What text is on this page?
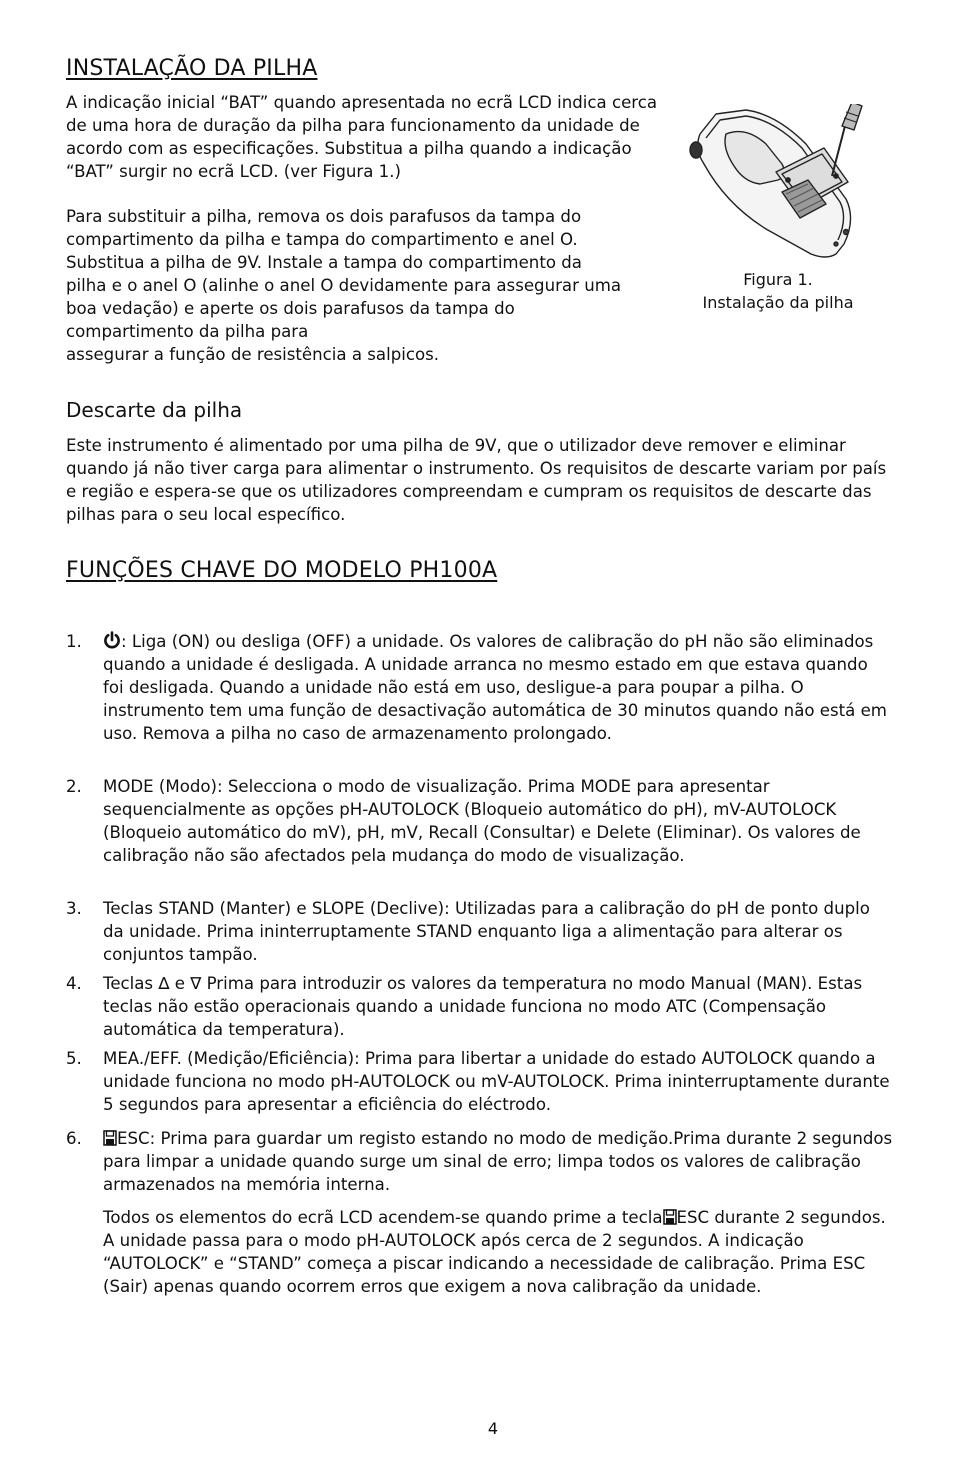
INSTALAÇÃO DA PILHA

A indicação inicial “BAT” quando apresentada no ecrã LCD indica cerca de uma hora de duração da pilha para funcionamento da unidade de acordo com as especificações. Substitua a pilha quando a indicação “BAT” surgir no ecrã LCD. (ver Figura 1.)

Para substituir a pilha, remova os dois parafusos da tampa do compartimento da pilha e tampa do compartimento e anel O. Substitua a pilha de 9V. Instale a tampa do compartimento da pilha e o anel O (alinhe o anel O devidamente para assegurar uma boa vedação) e aperte os dois parafusos da tampa do compartimento da pilha para

assegurar a função de resistência a salpicos.

Figura 1.
Instalação da pilha
Descarte da pilha

Este instrumento é alimentado por uma pilha de 9V, que o utilizador deve remover e eliminar quando já não tiver carga para alimentar o instrumento. Os requisitos de descarte variam por país e região e espera-se que os utilizadores compreendam e cumpram os requisitos de descarte das pilhas para o seu local específico.

FUNÇÕES CHAVE DO MODELO PH100A
1.	: Liga (ON) ou desliga (OFF) a unidade. Os valores de calibração do pH não são eliminados quando a unidade é desligada. A unidade arranca no mesmo estado em que estava quando foi desligada. Quando a unidade não está em uso, desligue-a para poupar a pilha. O instrumento tem uma função de desactivação automática de 30 minutos quando não está em uso. Remova a pilha no caso de armazenamento prolongado.
2.	MODE (Modo): Selecciona o modo de visualização. Prima MODE para apresentar sequencialmente as opções pH-AUTOLOCK (Bloqueio automático do pH), mV-AUTOLOCK (Bloqueio automático do mV), pH, mV, Recall (Consultar) e Delete (Eliminar). Os valores de calibração não são afectados pela mudança do modo de visualização.
3.	Teclas STAND (Manter) e SLOPE (Declive): Utilizadas para a calibração do pH de ponto duplo da unidade. Prima ininterruptamente STAND enquanto liga a alimentação para alterar os conjuntos tampão.
4.	Teclas ∆ e ∇ Prima para introduzir os valores da temperatura no modo Manual (MAN). Estas teclas não estão operacionais quando a unidade funciona no modo ATC (Compensação automática da temperatura).
5.	MEA./EFF. (Medição/Eficiência): Prima para libertar a unidade do estado AUTOLOCK quando a unidade funciona no modo pH-AUTOLOCK ou mV-AUTOLOCK. Prima ininterruptamente durante 5 segundos para apresentar a eficiência do eléctrodo.
6.	ESC: Prima para guardar um registo estando no modo de medição.Prima durante 2 segundos para limpar a unidade quando surge um sinal de erro; limpa todos os valores de calibração armazenados na memória interna.
Todos os elementos do ecrã LCD acendem-se quando prime a tecla ESC durante 2 segundos. A unidade passa para o modo pH-AUTOLOCK após cerca de 2 segundos. A indicação “AUTOLOCK” e “STAND” começa a piscar indicando a necessidade de calibração. Prima ESC (Sair) apenas quando ocorrem erros que exigem a nova calibração da unidade.
4
